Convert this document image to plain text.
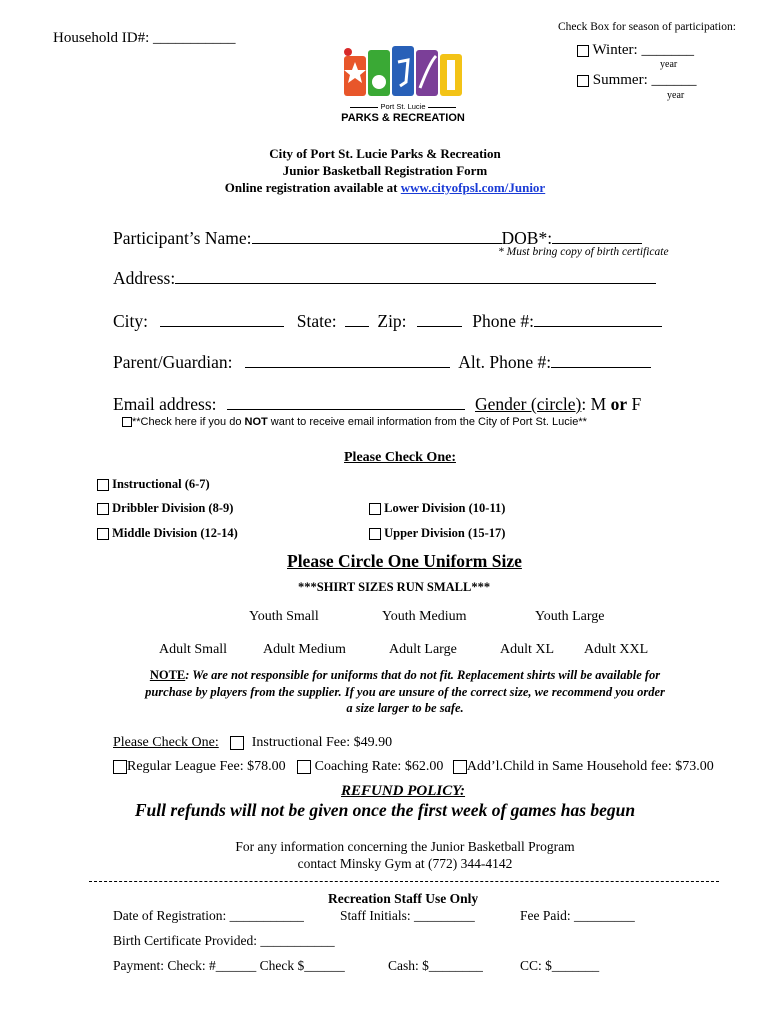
Household ID#: ___________
Check Box for season of participation:
Winter: _______
year
Summer: ______
year
Port St. Lucie
PARKS & RECREATION
City of Port St. Lucie Parks & Recreation
Junior Basketball Registration Form
Online registration available at www.cityofpsl.com/Junior
Participant’s Name:	DOB*:
* Must bring copy of birth certificate
Address:
City:	State: Zip:	Phone #:
Parent/Guardian:	Alt. Phone #:
Email address:	Gender (circle): M or F
**Check here if you do NOT want to receive email information from the City of Port St. Lucie**
Please Check One:
Instructional (6-7)
Dribbler Division (8-9)	Lower Division (10-11)
Middle Division (12-14)	Upper Division (15-17)
Please Circle One Uniform Size
***SHIRT SIZES RUN SMALL***
Youth Small	Youth Medium	Youth Large
Adult Small	Adult Medium	Adult Large	Adult XL Adult XXL
NOTE: We are not responsible for uniforms that do not fit. Replacement shirts will be available for
purchase by players from the supplier. If you are unsure of the correct size, we recommend you order
a size larger to be safe.
Please Check One: Instructional Fee: $49.90
Regular League Fee: $78.00 Coaching Rate: $62.00 Add’l.Child in Same Household fee: $73.00
REFUND POLICY:
Full refunds will not be given once the first week of games has begun
For any information concerning the Junior Basketball Program
contact Minsky Gym at (772) 344-4142
Recreation Staff Use Only
Date of Registration: ___________	Staff Initials: _________	Fee Paid: _________
Birth Certificate Provided: ___________
Payment: Check: #______ Check $______	Cash: $________	CC: $_______
